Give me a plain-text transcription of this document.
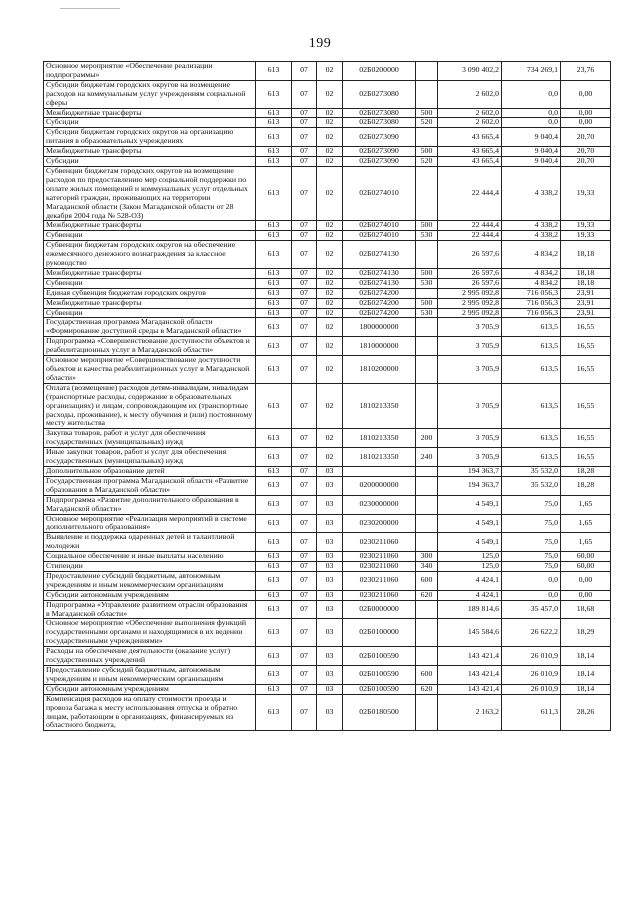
199
Основное мероприятие «Обеспечение реализации подпрограммы»	613	07	02	02Б0200000		3 090 402,2	734 269,1	23,76
Субсидии бюджетам городских округов на возмещение расходов на коммунальным услуг учреждениям социальной сферы	613	07	02	02Б0273080		2 602,0	0,0	0,00
Межбюджетные трансферты	613	07	02	02Б0273080	500	2 602,0	0,0	0,00
Субсидии	613	07	02	02Б0273080	520	2 602,0	0,0	0,00
Субсидии бюджетам городских округов на организацию питания в образовательных учреждениях	613	07	02	02Б0273090		43 665,4	9 040,4	20,70
Межбюджетные трансферты	613	07	02	02Б0273090	500	43 665,4	9 040,4	20,70
Субсидии	613	07	02	02Б0273090	520	43 665,4	9 040,4	20,70
Субвенции бюджетам городских округов на возмещение расходов по предоставлению мер социальной поддержки по оплате жилых помещений и коммунальных услуг отдельных категорий граждан, проживающих на территории Магаданской области (Закон Магаданской области от 28 декабря 2004 года № 528-ОЗ)	613	07	02	02Б0274010		22 444,4	4 338,2	19,33
Межбюджетные трансферты	613	07	02	02Б0274010	500	22 444,4	4 338,2	19,33
Субвенции	613	07	02	02Б0274010	530	22 444,4	4 338,2	19,33
Субвенции бюджетам городских округов на обеспечение ежемесячного денежного вознаграждения за классное руководство	613	07	02	02Б0274130		26 597,6	4 834,2	18,18
Межбюджетные трансферты	613	07	02	02Б0274130	500	26 597,6	4 834,2	18,18
Субвенции	613	07	02	02Б0274130	530	26 597,6	4 834,2	18,18
Единая субвенция бюджетам городских округов	613	07	02	02Б0274200		2 995 092,8	716 056,3	23,91
Межбюджетные трансферты	613	07	02	02Б0274200	500	2 995 092,8	716 056,3	23,91
Субвенции	613	07	02	02Б0274200	530	2 995 092,8	716 056,3	23,91
Государственная программа Магаданской области «Формирование доступной среды в Магаданской области»	613	07	02	1800000000		3 705,9	613,5	16,55
Подпрограмма «Совершенствование доступности объектов и реабилитационных услуг в Магаданской области»	613	07	02	1810000000		3 705,9	613,5	16,55
Основное мероприятие «Совершенствование доступности объектов и качества реабилитационных услуг в Магаданской области»	613	07	02	1810200000		3 705,9	613,5	16,55
Оплата (возмещение) расходов детям-инвалидам, инвалидам (транспортные расходы, содержание в образовательных организациях) и лицам, сопровождающим их (транспортные расходы, проживание), к месту обучения и (или) постоянному месту жительства	613	07	02	1810213350		3 705,9	613,5	16,55
Закупка товаров, работ и услуг для обеспечения государственных (муниципальных) нужд	613	07	02	1810213350	200	3 705,9	613,5	16,55
Иные закупки товаров, работ и услуг для обеспечения государственных (муниципальных) нужд	613	07	02	1810213350	240	3 705,9	613,5	16,55
Дополнительное образование детей	613	07	03			194 363,7	35 532,0	18,28
Государственная программа Магаданской области «Развитие образования в Магаданской области»	613	07	03	0200000000		194 363,7	35 532,0	18,28
Подпрограмма «Развитие дополнительного образования в Магаданской области»	613	07	03	0230000000		4 549,1	75,0	1,65
Основное мероприятие «Реализация мероприятий в системе дополнительного образования»	613	07	03	0230200000		4 549,1	75,0	1,65
Выявление и поддержка одаренных детей и талантливой молодежи	613	07	03	0230211060		4 549,1	75,0	1,65
Социальное обеспечение и иные выплаты населению	613	07	03	0230211060	300	125,0	75,0	60,00
Стипендии	613	07	03	0230211060	340	125,0	75,0	60,00
Предоставление субсидий бюджетным, автономным учреждениям и иным некоммерческим организациям	613	07	03	0230211060	600	4 424,1	0,0	0,00
Субсидии автономным учреждениям	613	07	03	0230211060	620	4 424,1	0,0	0,00
Подпрограмма «Управление развитием отрасли образования в Магаданской области»	613	07	03	02Б0000000		189 814,6	35 457,0	18,68
Основное мероприятие «Обеспечение выполнения функций государственными органами и находящимися в их ведении государственными учреждениями»	613	07	03	02Б0100000		145 584,6	26 622,2	18,29
Расходы на обеспечение деятельности (оказание услуг) государственных учреждений	613	07	03	02Б0100590		143 421,4	26 010,9	18,14
Предоставление субсидий бюджетным, автономным учреждениям и иным некоммерческим организациям	613	07	03	02Б0100590	600	143 421,4	26 010,9	18,14
Субсидии автономным учреждениям	613	07	03	02Б0100590	620	143 421,4	26 010,9	18,14
Компенсация расходов на оплату стоимости проезда и провоза багажа к месту использования отпуска и обратно лицам, работающим в организациях, финансируемых из областного бюджета,	613	07	03	02Б0180500		2 163,2	611,3	28,26
